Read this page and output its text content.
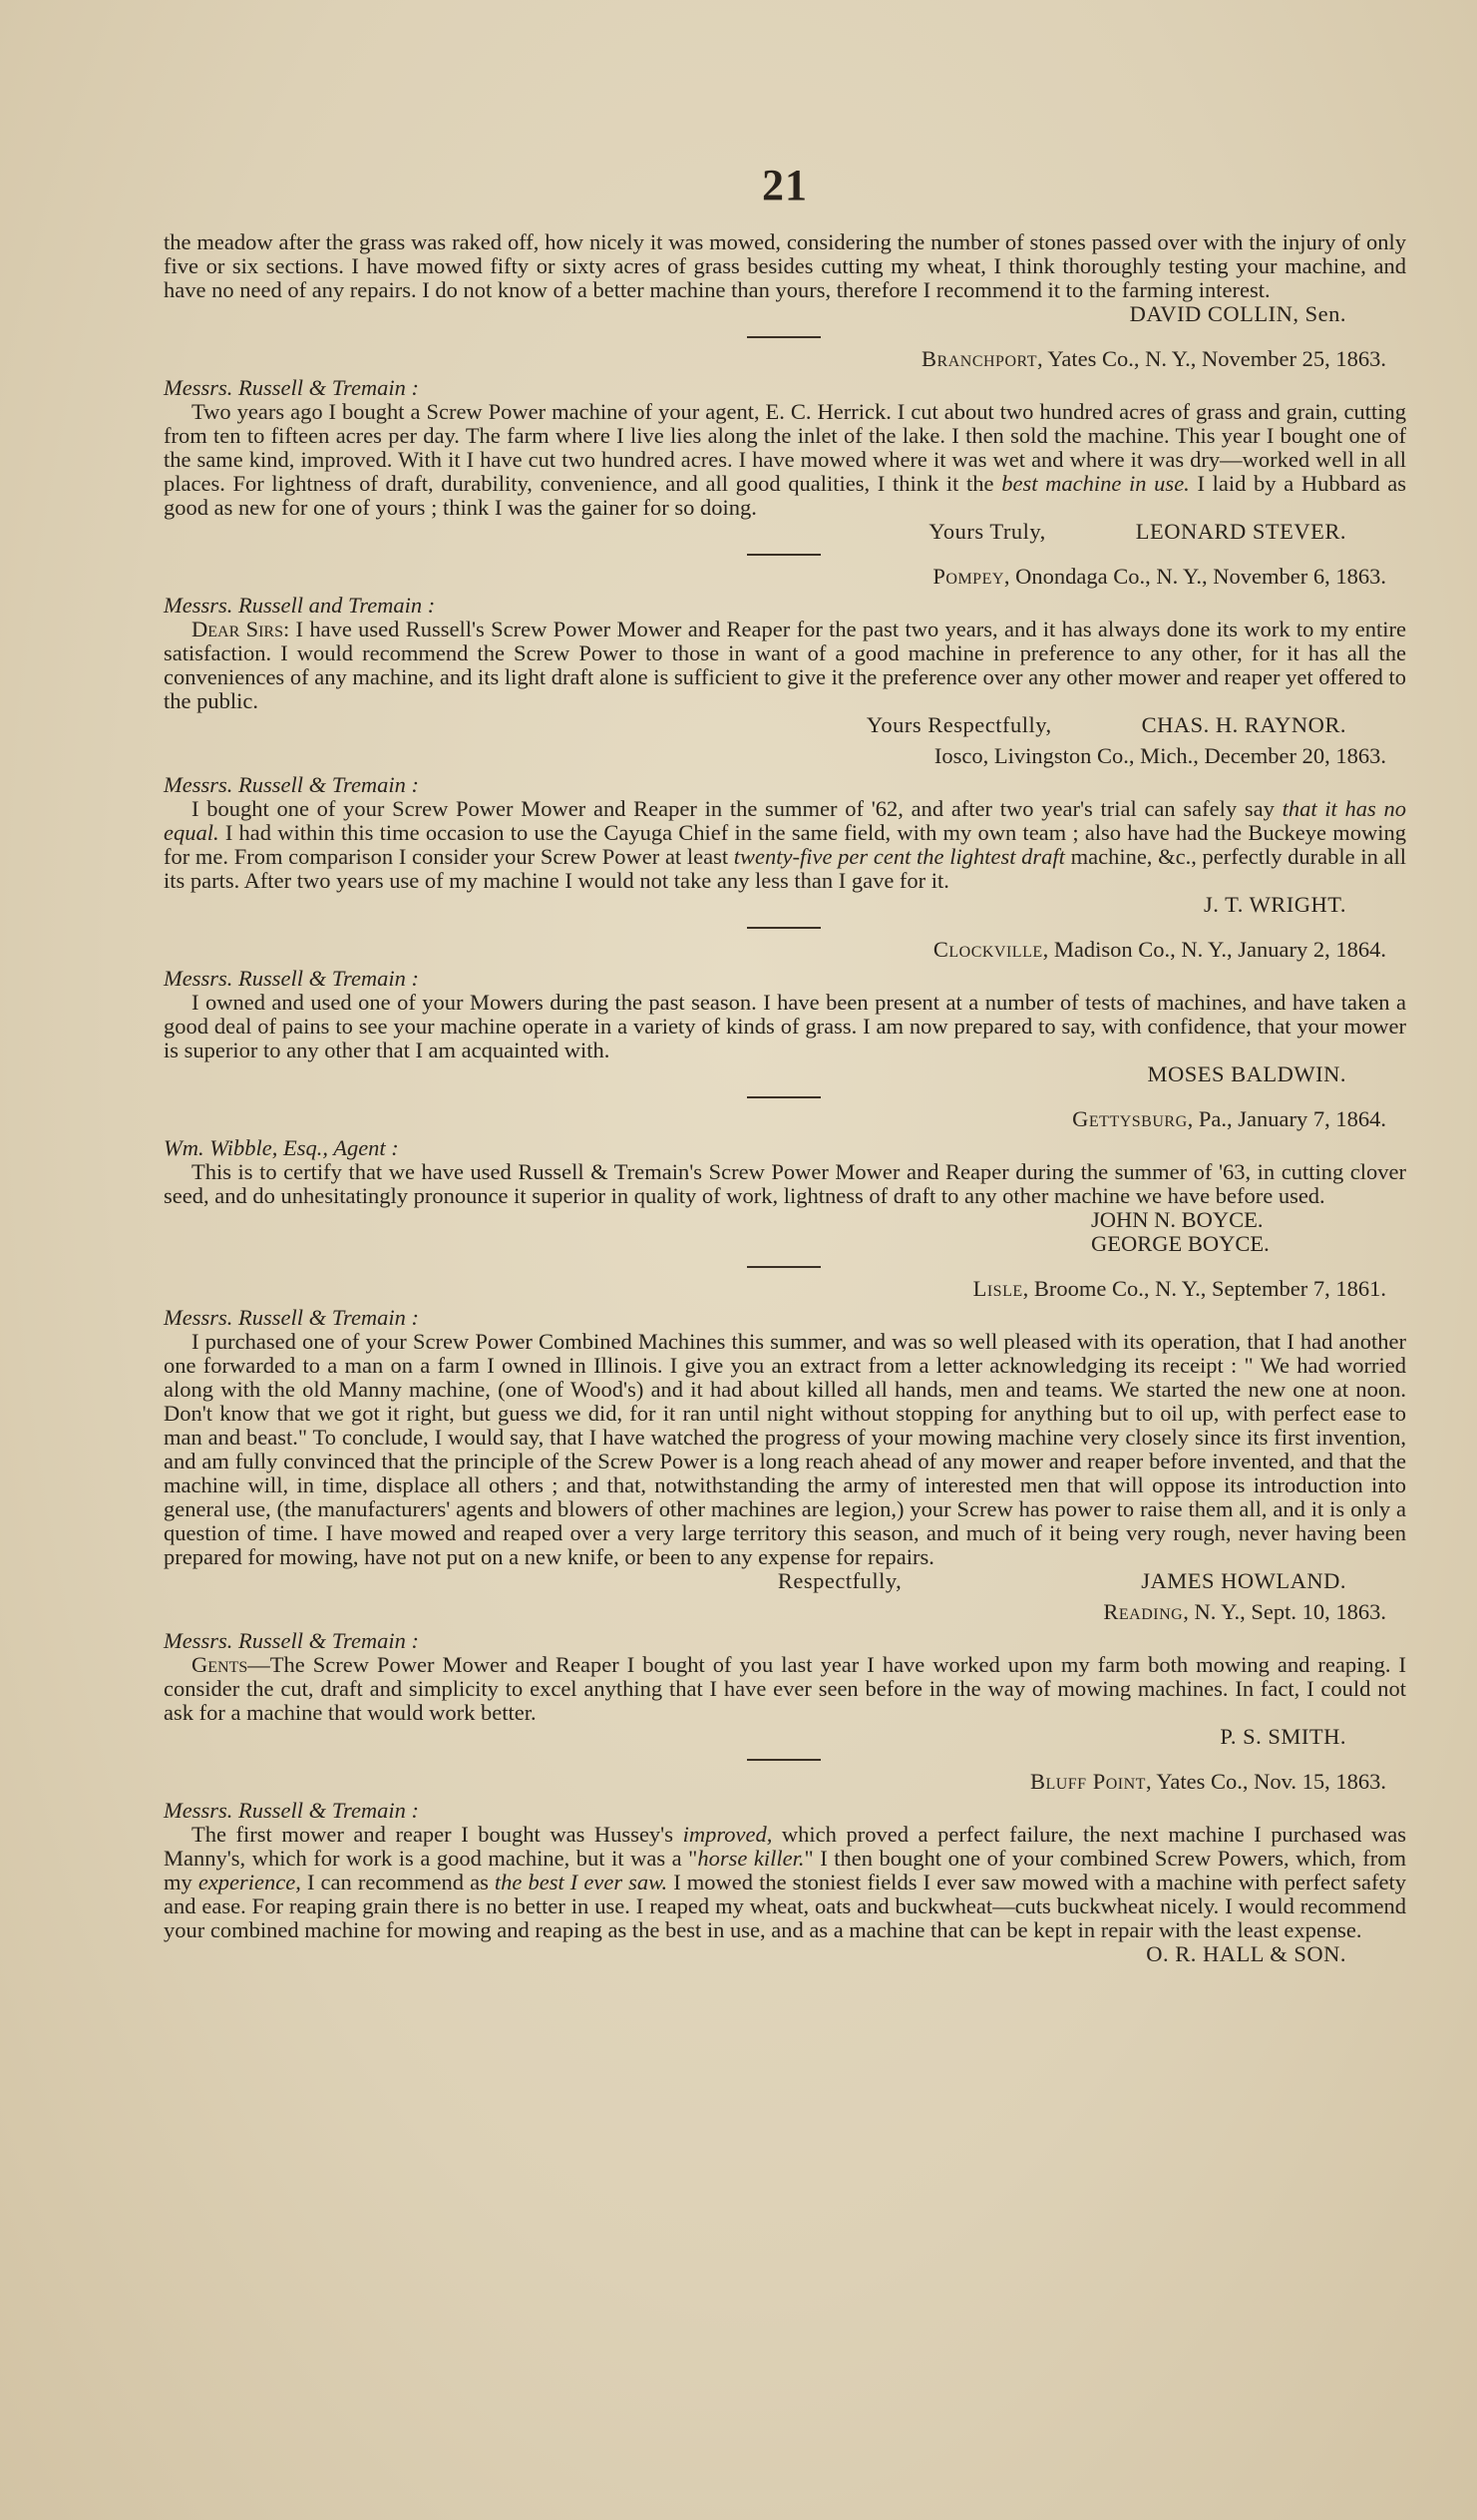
21

the meadow after the grass was raked off, how nicely it was mowed, considering the number of stones passed over with the injury of only five or six sections. I have mowed fifty or sixty acres of grass besides cutting my wheat, I think thoroughly testing your machine, and have no need of any repairs. I do not know of a better machine than yours, therefore I recommend it to the farming interest.

DAVID COLLIN, Sen.
Branchport, Yates Co., N. Y., November 25, 1863.
Messrs. Russell & Tremain :

Two years ago I bought a Screw Power machine of your agent, E. C. Herrick. I cut about two hundred acres of grass and grain, cutting from ten to fifteen acres per day. The farm where I live lies along the inlet of the lake. I then sold the machine. This year I bought one of the same kind, improved. With it I have cut two hundred acres. I have mowed where it was wet and where it was dry—worked well in all places. For lightness of draft, durability, convenience, and all good qualities, I think it the best machine in use. I laid by a Hubbard as good as new for one of yours ; think I was the gainer for so doing.

Yours Truly,	LEONARD STEVER.
Pompey, Onondaga Co., N. Y., November 6, 1863.
Messrs. Russell and Tremain :

Dear Sirs: I have used Russell's Screw Power Mower and Reaper for the past two years, and it has always done its work to my entire satisfaction. I would recommend the Screw Power to those in want of a good machine in preference to any other, for it has all the conveniences of any machine, and its light draft alone is sufficient to give it the preference over any other mower and reaper yet offered to the public.

Yours Respectfully,	CHAS. H. RAYNOR.
Iosco, Livingston Co., Mich., December 20, 1863.
Messrs. Russell & Tremain :

I bought one of your Screw Power Mower and Reaper in the summer of '62, and after two year's trial can safely say that it has no equal. I had within this time occasion to use the Cayuga Chief in the same field, with my own team ; also have had the Buckeye mowing for me. From comparison I consider your Screw Power at least twenty-five per cent the lightest draft machine, &c., perfectly durable in all its parts. After two years use of my machine I would not take any less than I gave for it.

J. T. WRIGHT.
Clockville, Madison Co., N. Y., January 2, 1864.
Messrs. Russell & Tremain :

I owned and used one of your Mowers during the past season. I have been present at a number of tests of machines, and have taken a good deal of pains to see your machine operate in a variety of kinds of grass. I am now prepared to say, with confidence, that your mower is superior to any other that I am acquainted with.

MOSES BALDWIN.
Gettysburg, Pa., January 7, 1864.
Wm. Wibble, Esq., Agent :

This is to certify that we have used Russell & Tremain's Screw Power Mower and Reaper during the summer of '63, in cutting clover seed, and do unhesitatingly pronounce it superior in quality of work, lightness of draft to any other machine we have before used.

JOHN N. BOYCE.
GEORGE BOYCE.
Lisle, Broome Co., N. Y., September 7, 1861.
Messrs. Russell & Tremain :

I purchased one of your Screw Power Combined Machines this summer, and was so well pleased with its operation, that I had another one forwarded to a man on a farm I owned in Illinois. I give you an extract from a letter acknowledging its receipt : " We had worried along with the old Manny machine, (one of Wood's) and it had about killed all hands, men and teams. We started the new one at noon. Don't know that we got it right, but guess we did, for it ran until night without stopping for anything but to oil up, with perfect ease to man and beast." To conclude, I would say, that I have watched the progress of your mowing machine very closely since its first invention, and am fully convinced that the principle of the Screw Power is a long reach ahead of any mower and reaper before invented, and that the machine will, in time, displace all others ; and that, notwithstanding the army of interested men that will oppose its introduction into general use, (the manufacturers' agents and blowers of other machines are legion,) your Screw has power to raise them all, and it is only a question of time. I have mowed and reaped over a very large territory this season, and much of it being very rough, never having been prepared for mowing, have not put on a new knife, or been to any expense for repairs.

Respectfully,	JAMES HOWLAND.
Reading, N. Y., Sept. 10, 1863.
Messrs. Russell & Tremain :

Gents—The Screw Power Mower and Reaper I bought of you last year I have worked upon my farm both mowing and reaping. I consider the cut, draft and simplicity to excel anything that I have ever seen before in the way of mowing machines. In fact, I could not ask for a machine that would work better.

P. S. SMITH.
Bluff Point, Yates Co., Nov. 15, 1863.
Messrs. Russell & Tremain :

The first mower and reaper I bought was Hussey's improved, which proved a perfect failure, the next machine I purchased was Manny's, which for work is a good machine, but it was a "horse killer." I then bought one of your combined Screw Powers, which, from my experience, I can recommend as the best I ever saw. I mowed the stoniest fields I ever saw mowed with a machine with perfect safety and ease. For reaping grain there is no better in use. I reaped my wheat, oats and buckwheat—cuts buckwheat nicely. I would recommend your combined machine for mowing and reaping as the best in use, and as a machine that can be kept in repair with the least expense.

O. R. HALL & SON.
